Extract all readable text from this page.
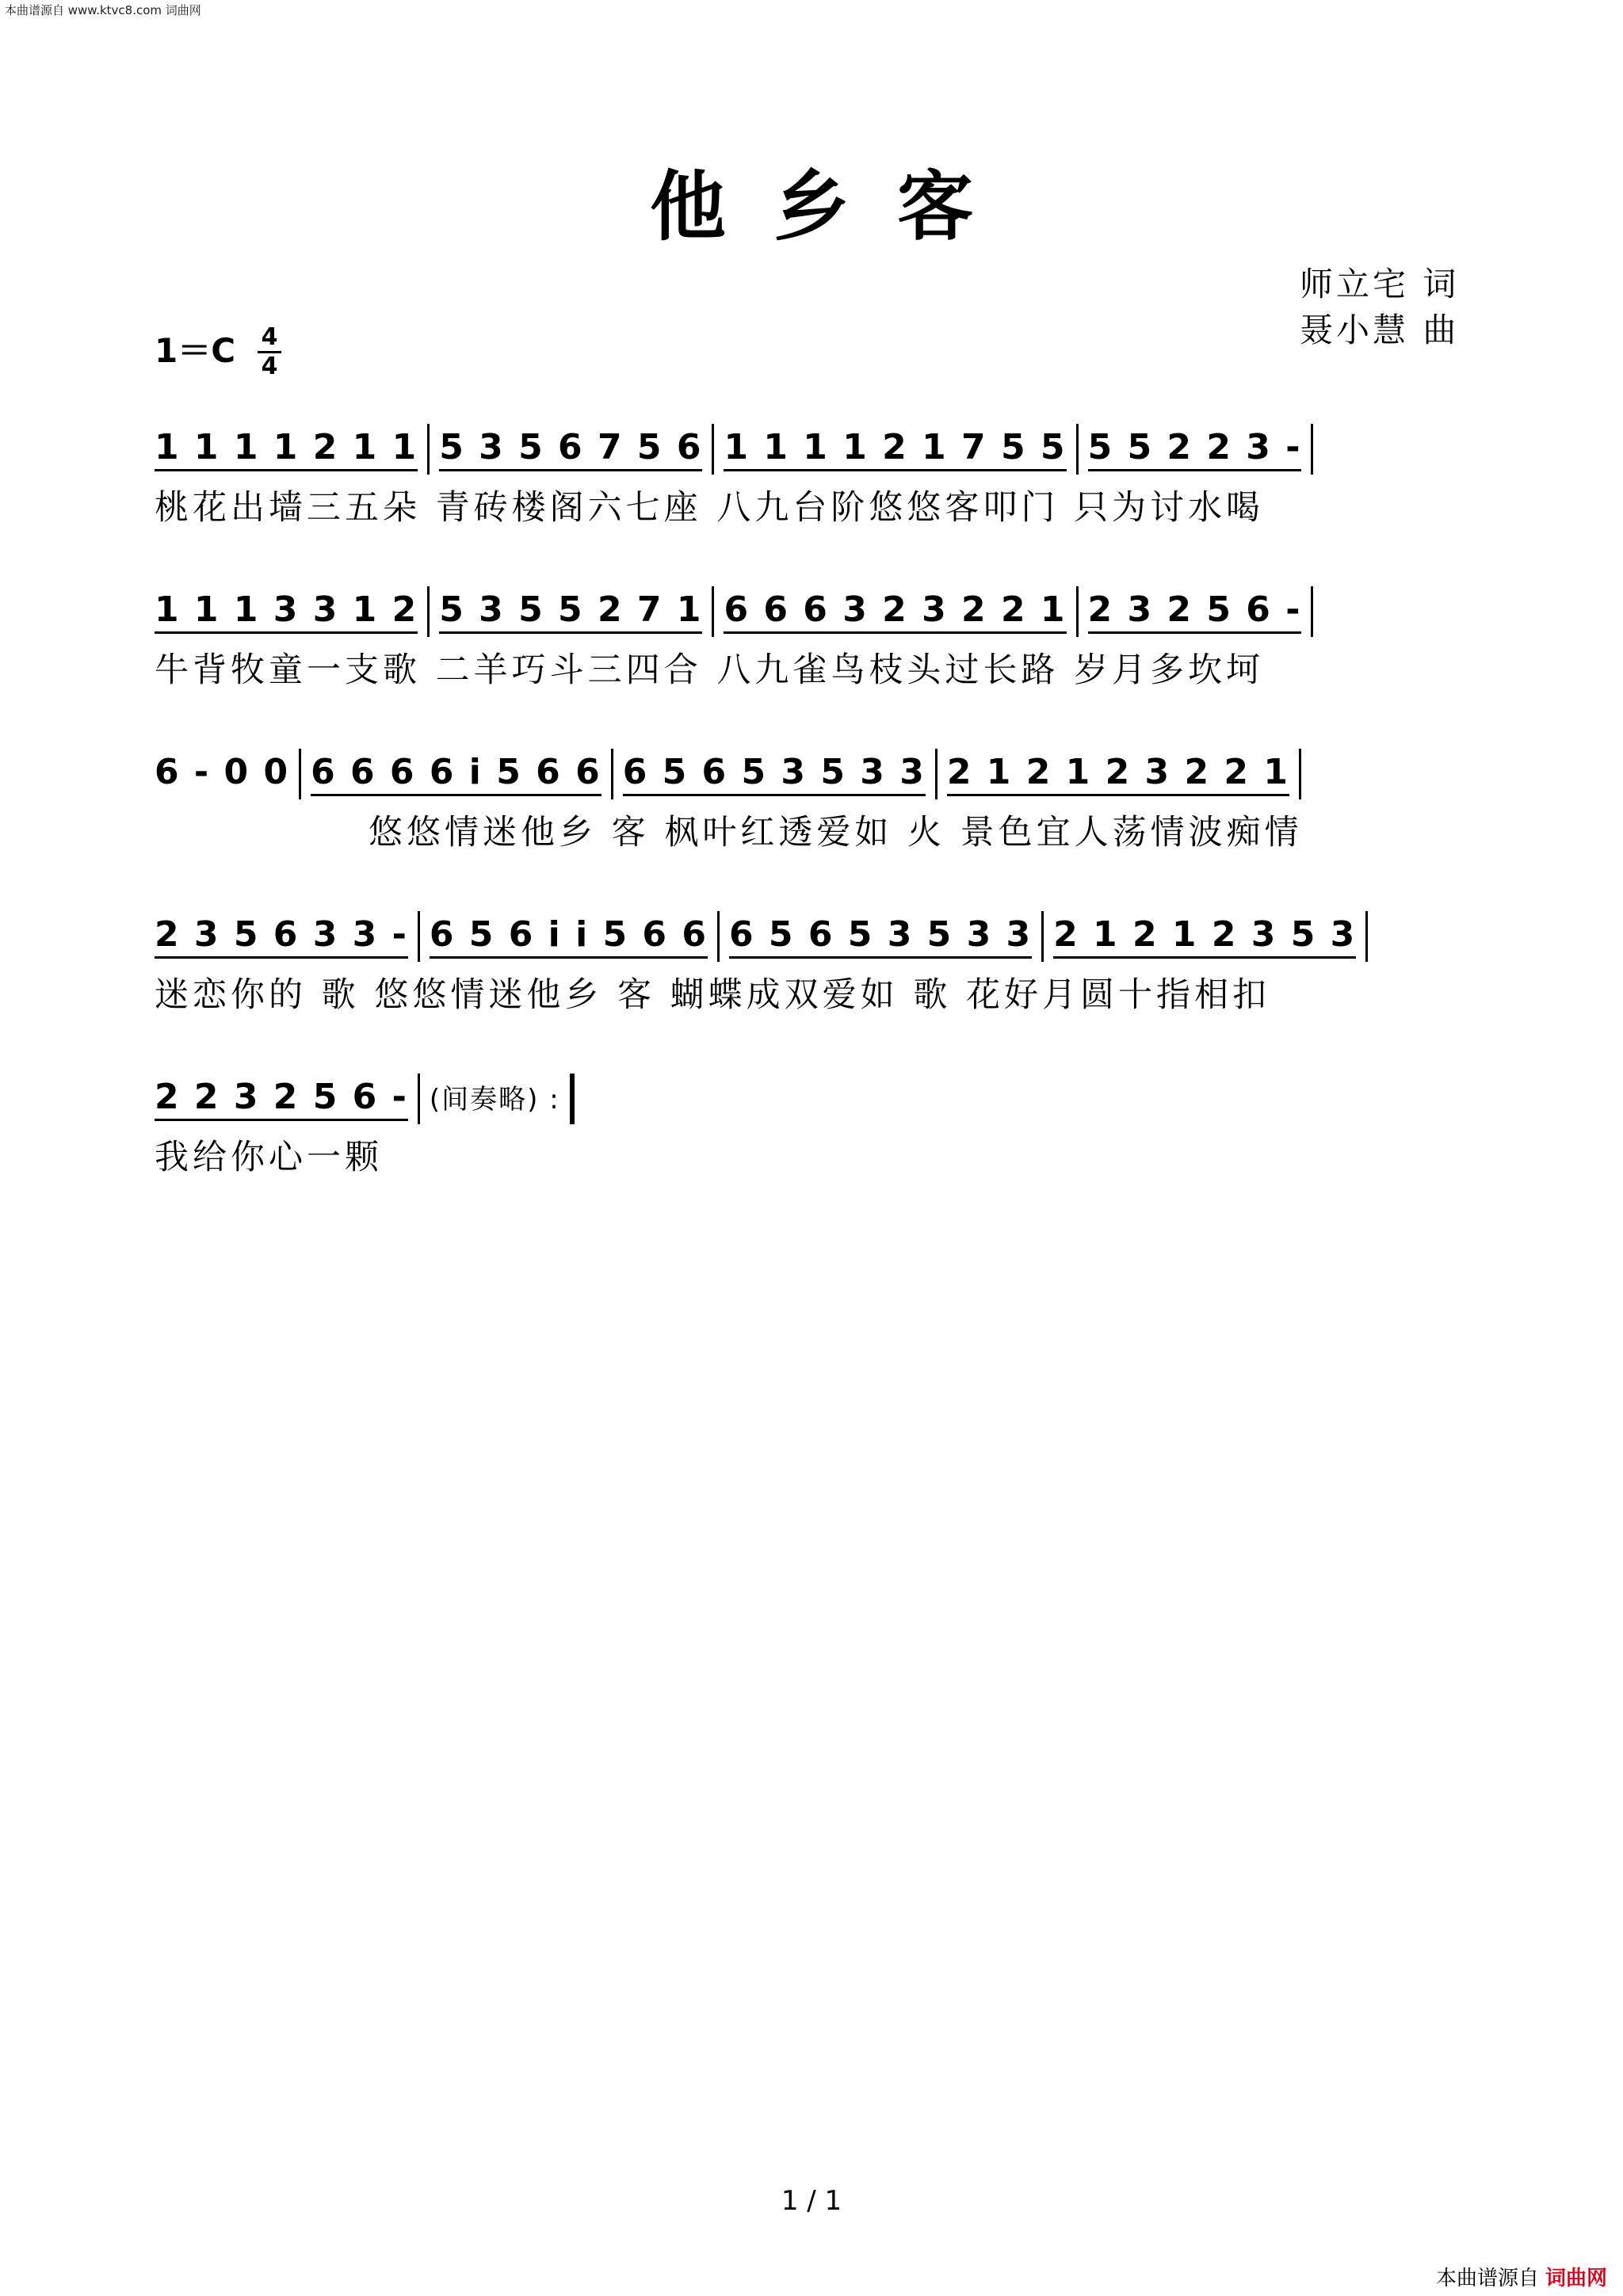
本曲谱源自 www.ktvc8.com 词曲网
他乡客
师立宅 词
聂小慧 曲
1＝C 4
4
1 1 1 1 2 1 1 5 3 5 6 7 5 6 1 1 1 1 2 1 7 5 5 5 5 2 2 3 -
桃花出墙三五朵 青砖楼阁六七座 八九台阶悠悠客叩门 只为讨水喝
1 1 1 3 3 1 2 5 3 5 5 2 7 1 6 6 6 3 2 3 2 2 1 2 3 2 5 6 -
牛背牧童一支歌 二羊巧斗三四合 八九雀鸟枝头过长路 岁月多坎坷
6 - 0 0 6 6 6 6 i 5 6 6 6 5 6 5 3 5 3 3 2 1 2 1 2 3 2 2 1
悠悠情迷他乡 客 枫叶红透爱如 火 景色宜人荡情波痴情
2 3 5 6 3 3 - 6 5 6 i i 5 6 6 6 5 6 5 3 5 3 3 2 1 2 1 2 3 5 3
迷恋你的 歌 悠悠情迷他乡 客 蝴蝶成双爱如 歌 花好月圆十指相扣
2 2 3 2 5 6 - (间奏略) :
我给你心一颗
1 / 1
本曲谱源自 词曲网
